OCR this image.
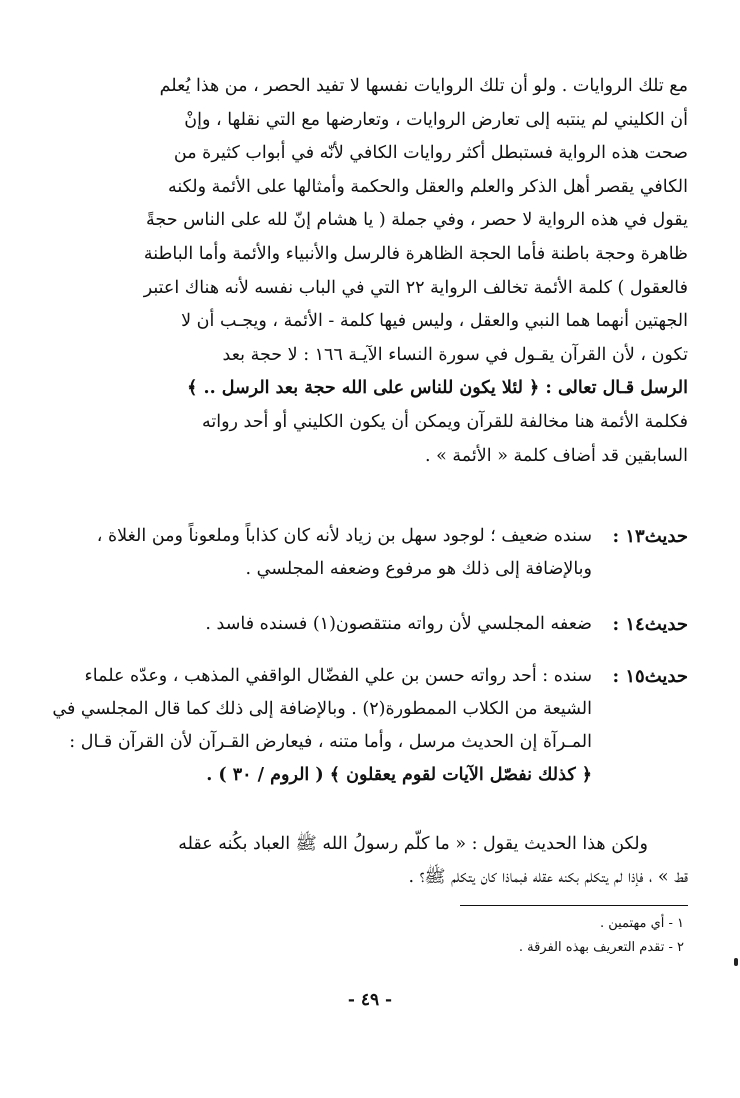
مع تلك الروايات . ولو أن تلك الروايات نفسها لا تفيد الحصر ، من هذا يُعلم
أن الكليني لم ينتبه إلى تعارض الروايات ، وتعارضها مع التي نقلها ، وإنْ
صحت هذه الرواية فستبطل أكثر روايات الكافي لأنّه في أبواب كثيرة من
الكافي يقصر أهل الذكر والعلم والعقل والحكمة وأمثالها على الأئمة ولكنه
يقول في هذه الرواية لا حصر ، وفي جملة ( يا هشام إنّ لله على الناس حجةً
ظاهرة وحجة باطنة فأما الحجة الظاهرة فالرسل والأنبياء والأئمة وأما الباطنة
فالعقول ) كلمة الأئمة تخالف الرواية ٢٢ التي في الباب نفسه لأنه هناك اعتبر
الجهتين أنهما هما النبي والعقل ، وليس فيها كلمة - الأئمة ، ويجـب أن لا
تكون ، لأن القرآن يقـول في سورة النساء الآيـة ١٦٦ : لا حجة بعد
الرسل قـال تعالى : ﴿ لئلا يكون للناس على الله حجة بعد الرسل .. ﴾
فكلمة الأئمة هنا مخالفة للقرآن ويمكن أن يكون الكليني أو أحد رواته
السابقين قد أضاف كلمة « الأئمة » .
حديث١٣ :
سنده ضعيف ؛ لوجود سهل بن زياد لأنه كان كذاباً وملعوناً ومن الغلاة ،
وبالإضافة إلى ذلك هو مرفوع وضعفه المجلسي .
حديث١٤ :
ضعفه المجلسي لأن رواته منتقصون(١) فسنده فاسد .
حديث١٥ :
سنده : أحد رواته حسن بن علي الفضّال الواقفي المذهب ، وعدّه علماء
الشيعة من الكلاب الممطورة(٢) . وبالإضافة إلى ذلك كما قال المجلسي في
المـرآة إن الحديث مرسل ، وأما متنه ، فيعارض القـرآن لأن القرآن قـال :
﴿ كذلك نفصّل الآيات لقوم يعقلون ﴾ ( الروم / ٣٠ ) .
ولكن هذا الحديث يقول : « ما كلّم رسولُ الله ﷺ العباد بكُنه عقله
قط » ، فإذا لم يتكلم بكنه عقله فبماذا كان يتكلم ﷺ؟ .
١ - أي مهتمين .
٢ - تقدم التعريف بهذه الفرقة .
- ٤٩ -
